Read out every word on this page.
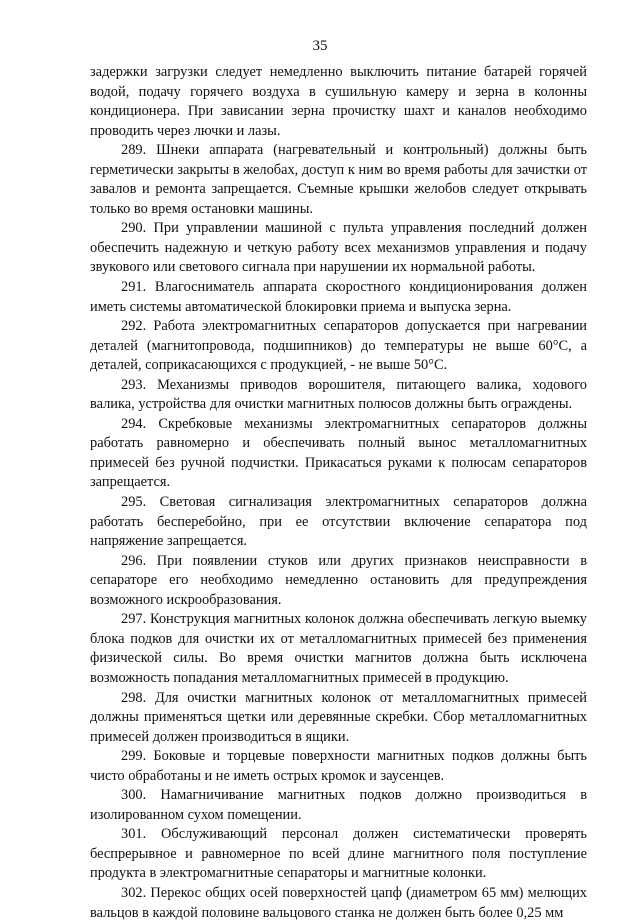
35

задержки загрузки следует немедленно выключить питание батарей горячей водой, подачу горячего воздуха в сушильную камеру и зерна в колонны кондиционера. При зависании зерна прочистку шахт и каналов необходимо проводить через лючки и лазы.

289. Шнеки аппарата (нагревательный и контрольный) должны быть герметически закрыты в желобах, доступ к ним во время работы для зачистки от завалов и ремонта запрещается. Съемные крышки желобов следует открывать только во время остановки машины.

290. При управлении машиной с пульта управления последний должен обеспечить надежную и четкую работу всех механизмов управления и подачу звукового или светового сигнала при нарушении их нормальной работы.

291. Влагосниматель аппарата скоростного кондиционирования должен иметь системы автоматической блокировки приема и выпуска зерна.

292. Работа электромагнитных сепараторов допускается при нагревании деталей (магнитопровода, подшипников) до температуры не выше 60°С, а деталей, соприкасающихся с продукцией, - не выше 50°С.

293. Механизмы приводов ворошителя, питающего валика, ходового валика, устройства для очистки магнитных полюсов должны быть ограждены.

294. Скребковые механизмы электромагнитных сепараторов должны работать равномерно и обеспечивать полный вынос металломагнитных примесей без ручной подчистки. Прикасаться руками к полюсам сепараторов запрещается.

295. Световая сигнализация электромагнитных сепараторов должна работать бесперебойно, при ее отсутствии включение сепаратора под напряжение запрещается.

296. При появлении стуков или других признаков неисправности в сепараторе его необходимо немедленно остановить для предупреждения возможного искрообразования.

297. Конструкция магнитных колонок должна обеспечивать легкую выемку блока подков для очистки их от металломагнитных примесей без применения физической силы. Во время очистки магнитов должна быть исключена возможность попадания металломагнитных примесей в продукцию.

298. Для очистки магнитных колонок от металломагнитных примесей должны применяться щетки или деревянные скребки. Сбор металломагнитных примесей должен производиться в ящики.

299. Боковые и торцевые поверхности магнитных подков должны быть чисто обработаны и не иметь острых кромок и заусенцев.

300. Намагничивание магнитных подков должно производиться в изолированном сухом помещении.

301. Обслуживающий персонал должен систематически проверять беспрерывное и равномерное по всей длине магнитного поля поступление продукта в электромагнитные сепараторы и магнитные колонки.

302. Перекос общих осей поверхностей цапф (диаметром 65 мм) мелющих вальцов в каждой половине вальцового станка не должен быть более 0,25 мм
